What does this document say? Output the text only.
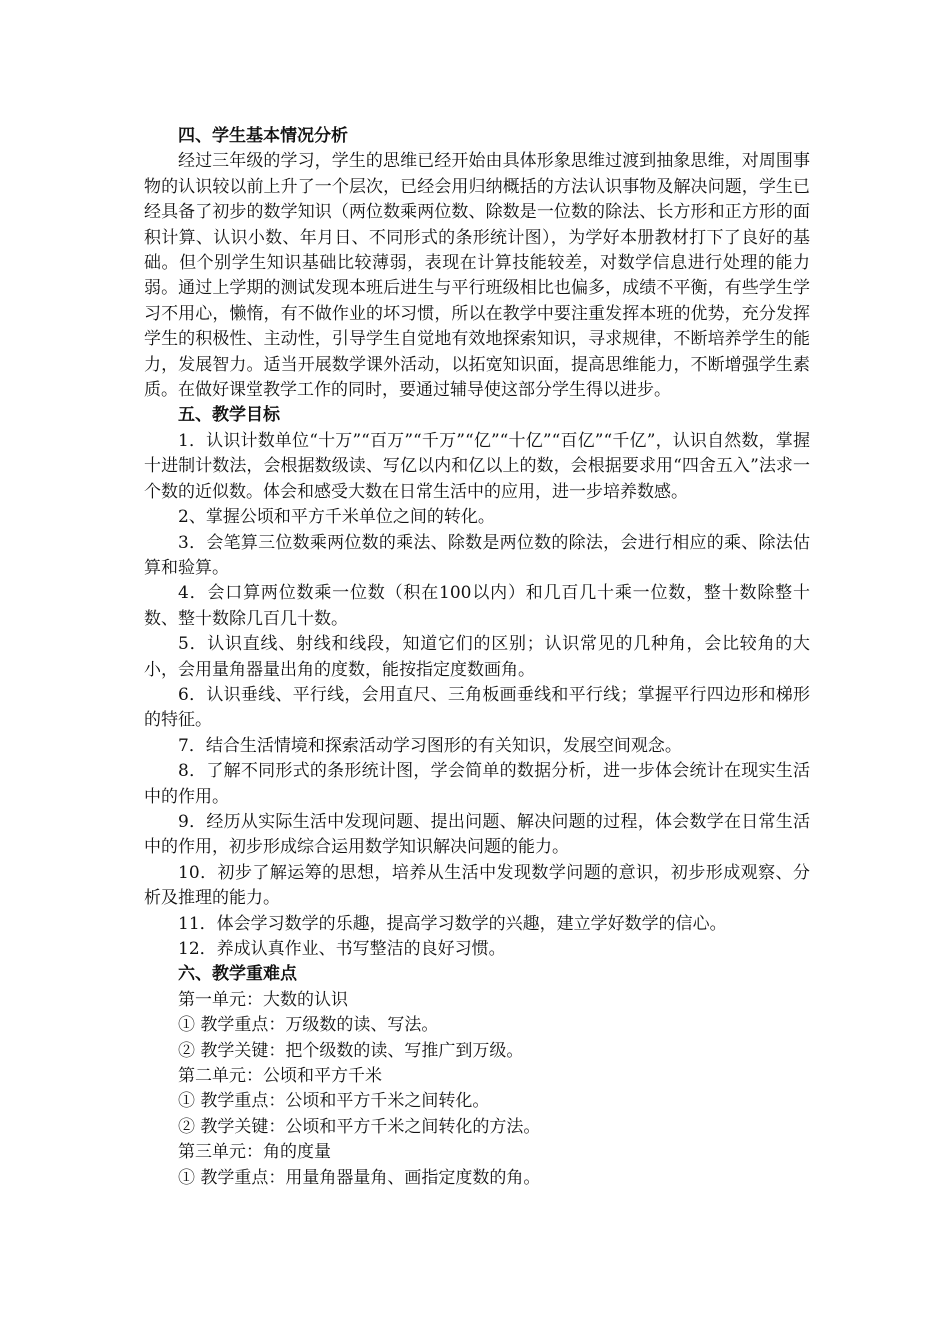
四、学生基本情况分析

经过三年级的学习，学生的思维已经开始由具体形象思维过渡到抽象思维，对周围事物的认识较以前上升了一个层次，已经会用归纳概括的方法认识事物及解决问题，学生已经具备了初步的数学知识（两位数乘两位数、除数是一位数的除法、长方形和正方形的面积计算、认识小数、年月日、不同形式的条形统计图），为学好本册教材打下了良好的基础。但个别学生知识基础比较薄弱，表现在计算技能较差，对数学信息进行处理的能力弱。通过上学期的测试发现本班后进生与平行班级相比也偏多，成绩不平衡，有些学生学习不用心，懒惰，有不做作业的坏习惯，所以在教学中要注重发挥本班的优势，充分发挥学生的积极性、主动性，引导学生自觉地有效地探索知识，寻求规律，不断培养学生的能力，发展智力。适当开展数学课外活动，以拓宽知识面，提高思维能力，不断增强学生素质。在做好课堂教学工作的同时，要通过辅导使这部分学生得以进步。

五、教学目标

1．认识计数单位“十万”“百万”“千万”“亿”“十亿”“百亿”“千亿”，认识自然数，掌握十进制计数法，会根据数级读、写亿以内和亿以上的数，会根据要求用“四舍五入”法求一个数的近似数。体会和感受大数在日常生活中的应用，进一步培养数感。

2、掌握公顷和平方千米单位之间的转化。

3．会笔算三位数乘两位数的乘法、除数是两位数的除法，会进行相应的乘、除法估算和验算。

4．会口算两位数乘一位数（积在100以内）和几百几十乘一位数，整十数除整十数、整十数除几百几十数。

5．认识直线、射线和线段，知道它们的区别；认识常见的几种角，会比较角的大小，会用量角器量出角的度数，能按指定度数画角。

6．认识垂线、平行线，会用直尺、三角板画垂线和平行线；掌握平行四边形和梯形的特征。

7．结合生活情境和探索活动学习图形的有关知识，发展空间观念。

8．了解不同形式的条形统计图，学会简单的数据分析，进一步体会统计在现实生活中的作用。

9．经历从实际生活中发现问题、提出问题、解决问题的过程，体会数学在日常生活中的作用，初步形成综合运用数学知识解决问题的能力。

10．初步了解运筹的思想，培养从生活中发现数学问题的意识，初步形成观察、分析及推理的能力。

11．体会学习数学的乐趣，提高学习数学的兴趣，建立学好数学的信心。

12．养成认真作业、书写整洁的良好习惯。

六、教学重难点

第一单元：大数的认识

① 教学重点：万级数的读、写法。

② 教学关键：把个级数的读、写推广到万级。

第二单元：公顷和平方千米

① 教学重点：公顷和平方千米之间转化。

② 教学关键：公顷和平方千米之间转化的方法。

第三单元：角的度量

① 教学重点：用量角器量角、画指定度数的角。
